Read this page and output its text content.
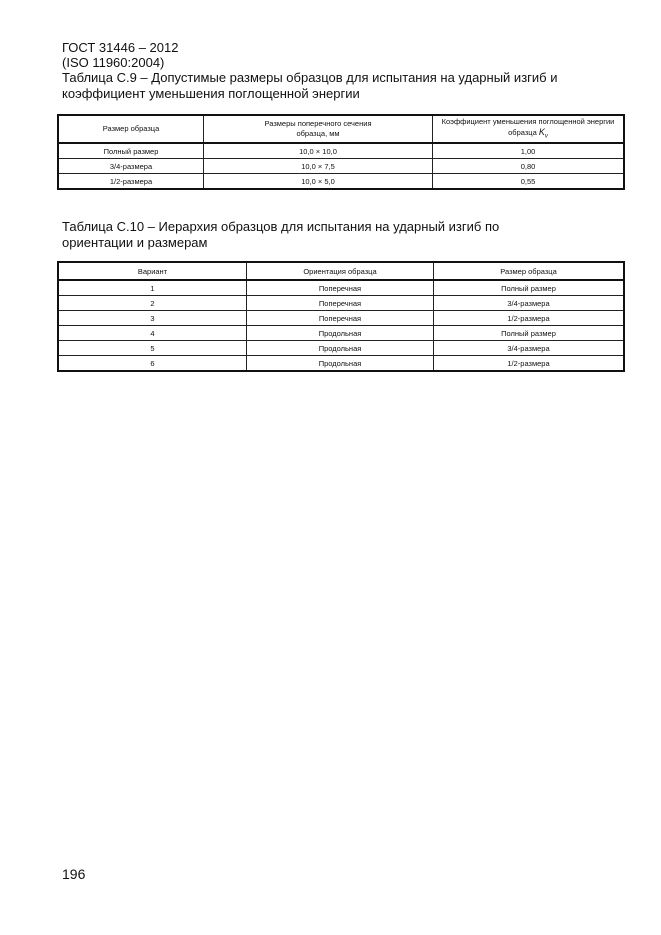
ГОСТ 31446 – 2012
(ISO 11960:2004)
Таблица С.9 – Допустимые размеры образцов для испытания на ударный изгиб и коэффициент уменьшения поглощенной энергии
Размер образца	Размеры поперечного сечения образца, мм	Коэффициент уменьшения поглощенной энергии образца $K_v$
Полный размер	10,0 × 10,0	1,00
3/4-размера	10,0 × 7,5	0,80
1/2-размера	10,0 × 5,0	0,55
Таблица С.10 – Иерархия образцов для испытания на ударный изгиб по ориентации и размерам
Вариант	Ориентация образца	Размер образца
1	Поперечная	Полный размер
2	Поперечная	3/4-размера
3	Поперечная	1/2-размера
4	Продольная	Полный размер
5	Продольная	3/4-размера
6	Продольная	1/2-размера
196
